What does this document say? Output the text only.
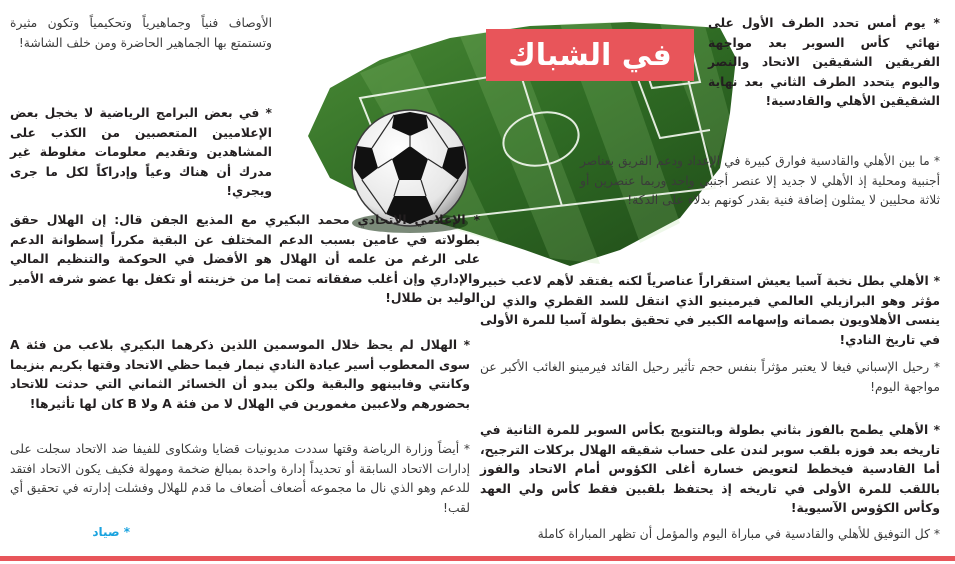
في الشباك

* يوم أمس تحدد الطرف الأول على نهائي كأس السوبر بعد مواجهة الفريقين الشقيقين الاتحاد والنصر واليوم يتحدد الطرف الثاني بعد نهاية الشقيقين الأهلي والقادسية!

* ما بين الأهلي والقادسية فوارق كبيرة في الإعداد ودعم الفريق بعناصر أجنبية ومحلية إذ الأهلي لا جديد إلا عنصر أجنبي واحد وربما عنصرين أو ثلاثة محليين لا يمثلون إضافة فنية بقدر كونهم بدلاء على الدكة!

* الأهلي بطل نخبة آسيا يعيش استقراراً عناصرياً لكنه يفتقد لأهم لاعب خبير مؤثر وهو البرازيلي العالمي فيرمينيو الذي انتقل للسد القطري والذي لن ينسى الأهلاويون بصماته وإسهامه الكبير في تحقيق بطولة آسيا للمرة الأولى في تاريخ النادي!

* رحيل الإسباني فيغا لا يعتبر مؤثراً بنفس حجم تأثير رحيل القائد فيرمينو الغائب الأكبر عن مواجهة اليوم!

* الأهلي يطمح بالفوز بثاني بطولة وبالتتويج بكأس السوبر للمرة الثانية في تاريخه بعد فوزه بلقب سوبر لندن على حساب شقيقه الهلال بركلات الترجيح، أما القادسية فيخطط لتعويض خسارة أغلى الكؤوس أمام الاتحاد والفوز باللقب للمرة الأولى في تاريخه إذ يحتفظ بلقبين فقط كأس ولي العهد وكأس الكؤوس الآسيوية!

* كل التوفيق للأهلي والقادسية في مباراة اليوم والمؤمل أن تظهر المباراة كاملة

الأوصاف فنياً وجماهيرياً وتحكيمياً وتكون مثيرة وتستمتع بها الجماهير الحاضرة ومن خلف الشاشة!

* في بعض البرامج الرياضية لا يخجل بعض الإعلاميين المتعصبين من الكذب على المشاهدين وتقديم معلومات مغلوطة غير مدرك أن هناك وعياً وإدراكاً لكل ما جرى ويجري!

* الإعلامي الاتحادي محمد البكيري مع المذيع الجفن قال: إن الهلال حقق بطولاته في عامين بسبب الدعم المختلف عن البقية مكرراً إسطوانة الدعم على الرغم من علمه أن الهلال هو الأفضل في الحوكمة والتنظيم المالي والإداري وإن أغلب صفقاته تمت إما من خزينته أو تكفل بها عضو شرفه الأمير الوليد بن طلال!

* الهلال لم يحظ خلال الموسمين اللذين ذكرهما البكيري بلاعب من فئة A سوى المعطوب أسير عيادة النادي نيمار فيما حظي الاتحاد وقتها بكريم بنزيما وكانتي وفابينهو والبقية ولكن يبدو أن الخسائر الثماني التي حدثت للاتحاد بحضورهم ولاعبين مغمورين في الهلال لا من فئة A ولا B كان لها تأثيرها!

* أيضاً وزارة الرياضة وقتها سددت مديونيات قضايا وشكاوى للفيفا ضد الاتحاد سجلت على إدارات الاتحاد السابقة أو تحديداً إدارة واحدة بمبالغ ضخمة ومهولة فكيف يكون الاتحاد افتقد للدعم وهو الذي نال ما مجموعه أضعاف أضعاف ما قدم للهلال وفشلت إدارته في تحقيق أي لقب!

* صياد
